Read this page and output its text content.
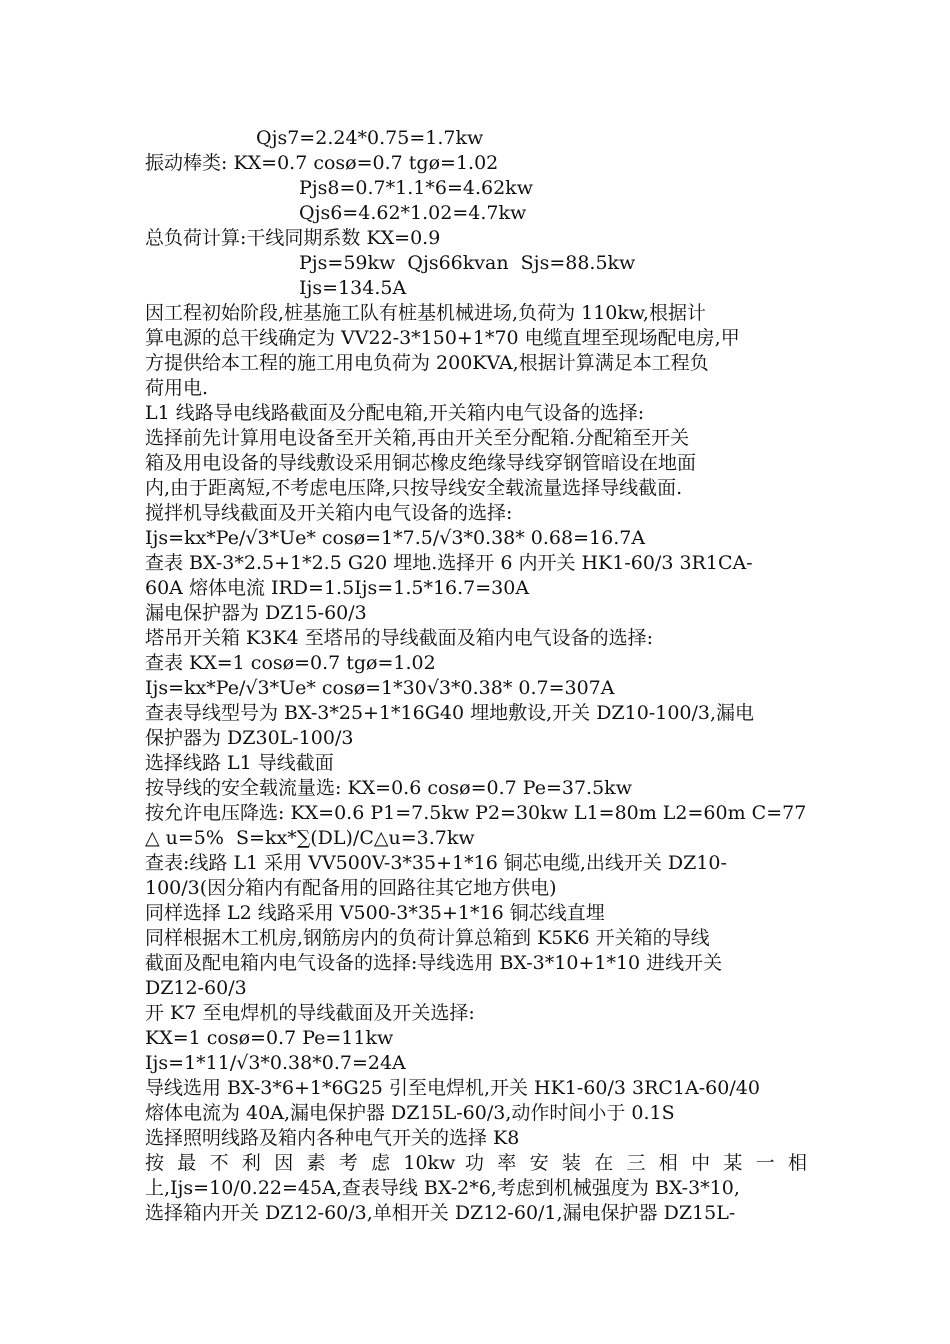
Qjs7=2.24*0.75=1.7kw
振动棒类: KX=0.7 cosø=0.7 tgø=1.02
Pjs8=0.7*1.1*6=4.62kw
Qjs6=4.62*1.02=4.7kw
总负荷计算:干线同期系数 KX=0.9
Pjs=59kw  Qjs66kvan  Sjs=88.5kw
Ijs=134.5A
因工程初始阶段,桩基施工队有桩基机械进场,负荷为 110kw,根据计
算电源的总干线确定为 VV22-3*150+1*70 电缆直埋至现场配电房,甲
方提供给本工程的施工用电负荷为 200KVA,根据计算满足本工程负
荷用电.
L1 线路导电线路截面及分配电箱,开关箱内电气设备的选择:
选择前先计算用电设备至开关箱,再由开关至分配箱.分配箱至开关
箱及用电设备的导线敷设采用铜芯橡皮绝缘导线穿钢管暗设在地面
内,由于距离短,不考虑电压降,只按导线安全载流量选择导线截面.
搅拌机导线截面及开关箱内电气设备的选择:
Ijs=kx*Pe/√3*Ue* cosø=1*7.5/√3*0.38* 0.68=16.7A
查表 BX-3*2.5+1*2.5 G20 埋地.选择开 6 内开关 HK1-60/3 3R1CA-
60A 熔体电流 IRD=1.5Ijs=1.5*16.7=30A
漏电保护器为 DZ15-60/3
塔吊开关箱 K3K4 至塔吊的导线截面及箱内电气设备的选择:
查表 KX=1 cosø=0.7 tgø=1.02
Ijs=kx*Pe/√3*Ue* cosø=1*30√3*0.38* 0.7=307A
查表导线型号为 BX-3*25+1*16G40 埋地敷设,开关 DZ10-100/3,漏电
保护器为 DZ30L-100/3
选择线路 L1 导线截面
按导线的安全载流量选: KX=0.6 cosø=0.7 Pe=37.5kw
按允许电压降选: KX=0.6 P1=7.5kw P2=30kw L1=80m L2=60m C=77
△ u=5%  S=kx*∑(DL)/C△u=3.7kw
查表:线路 L1 采用 VV500V-3*35+1*16 铜芯电缆,出线开关 DZ10-
100/3(因分箱内有配备用的回路往其它地方供电)
同样选择 L2 线路采用 V500-3*35+1*16 铜芯线直埋
同样根据木工机房,钢筋房内的负荷计算总箱到 K5K6 开关箱的导线
截面及配电箱内电气设备的选择:导线选用 BX-3*10+1*10 进线开关
DZ12-60/3
开 K7 至电焊机的导线截面及开关选择:
KX=1 cosø=0.7 Pe=11kw
Ijs=1*11/√3*0.38*0.7=24A
导线选用 BX-3*6+1*6G25 引至电焊机,开关 HK1-60/3 3RC1A-60/40
熔体电流为 40A,漏电保护器 DZ15L-60/3,动作时间小于 0.1S
选择照明线路及箱内各种电气开关的选择 K8
按 最 不 利 因 素 考 虑 10kw 功 率 安 装 在 三 相 中 某 一 相
上,Ijs=10/0.22=45A,查表导线 BX-2*6,考虑到机械强度为 BX-3*10,
选择箱内开关 DZ12-60/3,单相开关 DZ12-60/1,漏电保护器 DZ15L-
